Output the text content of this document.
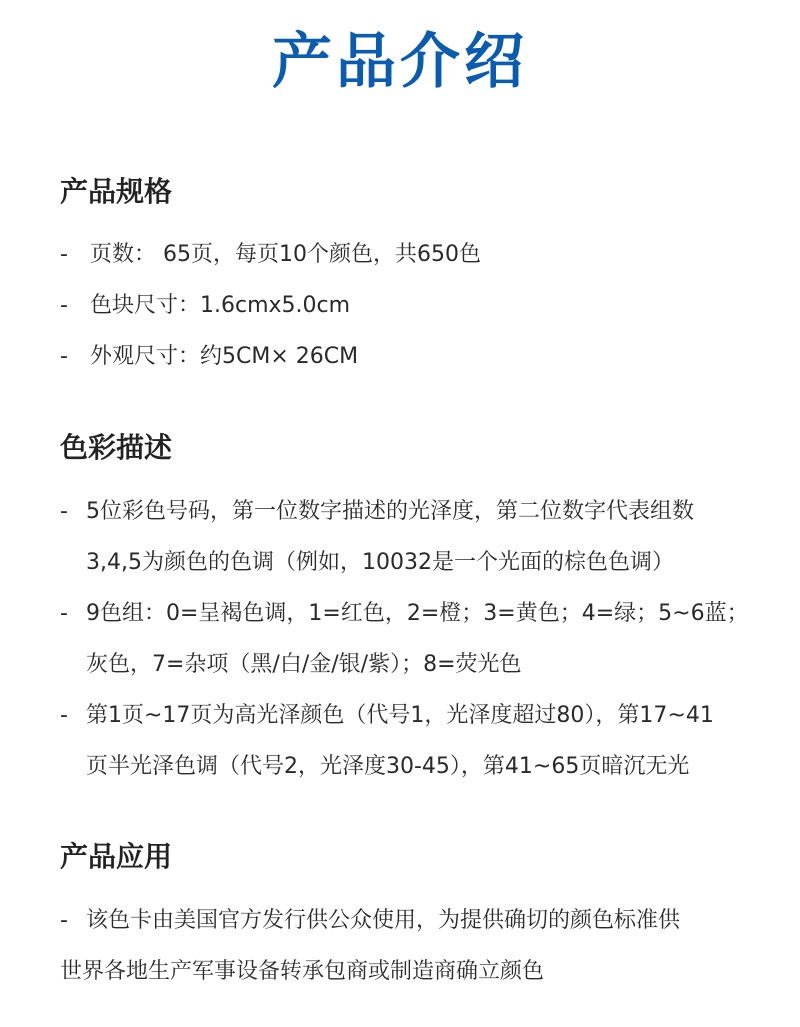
产品介绍
产品规格
- 页数： 65页，每页10个颜色，共650色
- 色块尺寸：1.6cmx5.0cm
- 外观尺寸：约5CM× 26CM
色彩描述
- 5位彩色号码，第一位数字描述的光泽度，第二位数字代表组数
3,4,5为颜色的色调（例如，10032是一个光面的棕色色调）
- 9色组：0=呈褐色调，1=红色，2=橙；3=黄色；4=绿；5~6蓝；
灰色，7=杂项（黑/白/金/银/紫）；8=荧光色
- 第1页~17页为高光泽颜色（代号1，光泽度超过80），第17~41
页半光泽色调（代号2，光泽度30-45），第41~65页暗沉无光
产品应用
- 该色卡由美国官方发行供公众使用，为提供确切的颜色标准供
世界各地生产军事设备转承包商或制造商确立颜色
